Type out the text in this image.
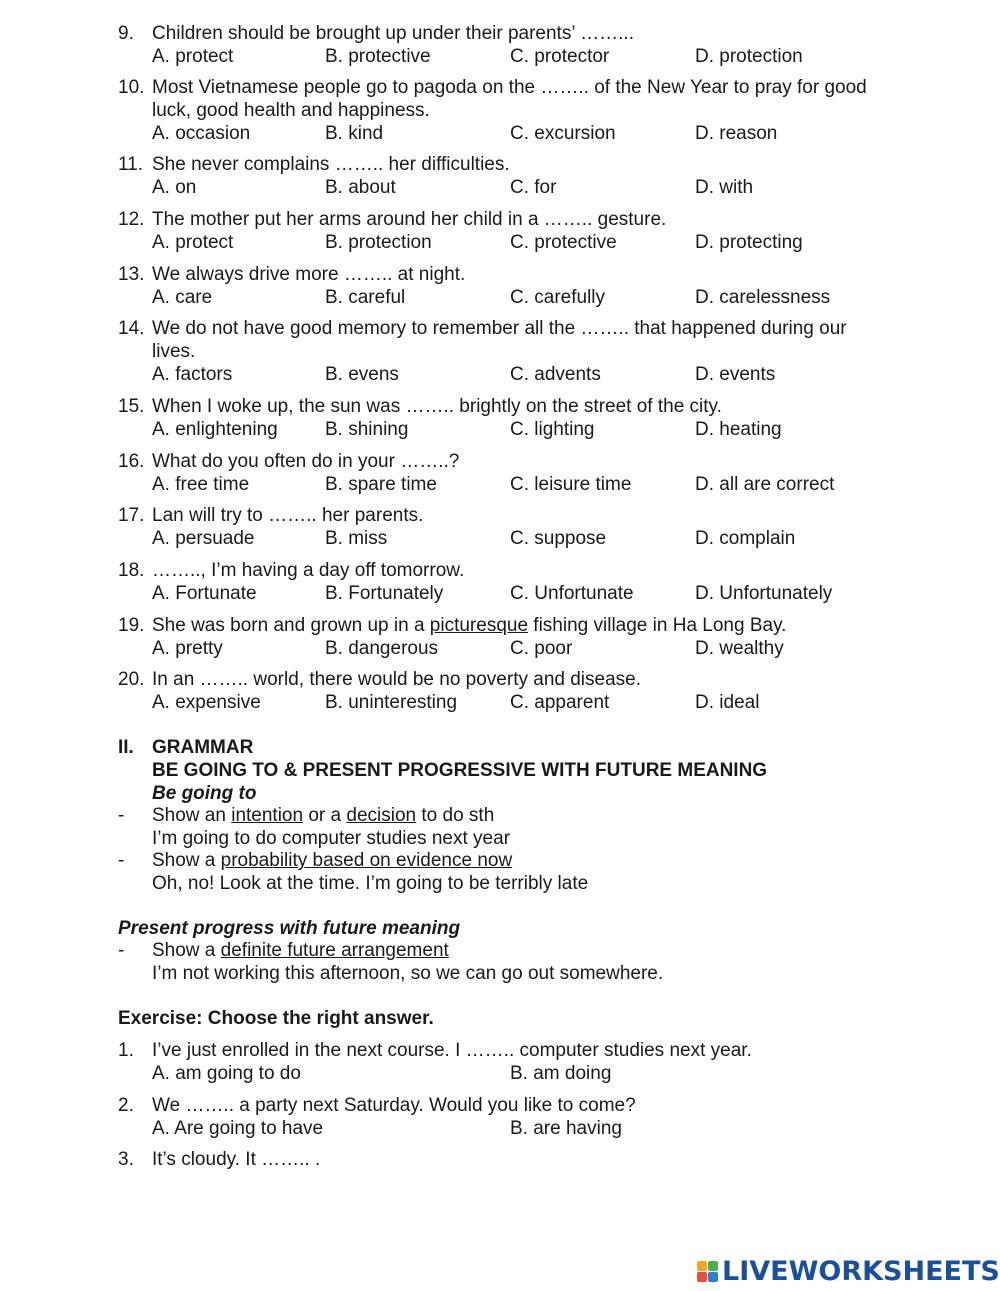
9. Children should be brought up under their parents’ ……...
A. protect	B. protective	C. protector	D. protection
10. Most Vietnamese people go to pagoda on the …….. of the New Year to pray for good luck, good health and happiness.
A. occasion	B. kind	C. excursion	D. reason
11. She never complains …….. her difficulties.
A. on	B. about	C. for	D. with
12. The mother put her arms around her child in a …….. gesture.
A. protect	B. protection	C. protective	D. protecting
13. We always drive more …….. at night.
A. care	B. careful	C. carefully	D. carelessness
14. We do not have good memory to remember all the …….. that happened during our lives.
A. factors	B. evens	C. advents	D. events
15. When I woke up, the sun was …….. brightly on the street of the city.
A. enlightening B. shining	C. lighting	D. heating
16. What do you often do in your ……..?
A. free time	B. spare time	C. leisure time	D. all are correct
17. Lan will try to …….. her parents.
A. persuade	B. miss	C. suppose	D. complain
18. …….., I’m having a day off tomorrow.
A. Fortunate	B. Fortunately	C. Unfortunate	D. Unfortunately
19. She was born and grown up in a picturesque fishing village in Ha Long Bay.
A. pretty	B. dangerous	C. poor	D. wealthy
20. In an …….. world, there would be no poverty and disease.
A. expensive	B. uninteresting	C. apparent	D. ideal
II. GRAMMAR
BE GOING TO & PRESENT PROGRESSIVE WITH FUTURE MEANING
Be going to
- Show an intention or a decision to do sth
I’m going to do computer studies next year
- Show a probability based on evidence now
Oh, no! Look at the time. I’m going to be terribly late
Present progress with future meaning
- Show a definite future arrangement
I’m not working this afternoon, so we can go out somewhere.
Exercise: Choose the right answer.
1. I’ve just enrolled in the next course. I …….. computer studies next year.
A. am going to do	B. am doing
2. We …….. a party next Saturday. Would you like to come?
A. Are going to have	B. are having
3. It’s cloudy. It …….. .
LIVEWORKSHEETS
